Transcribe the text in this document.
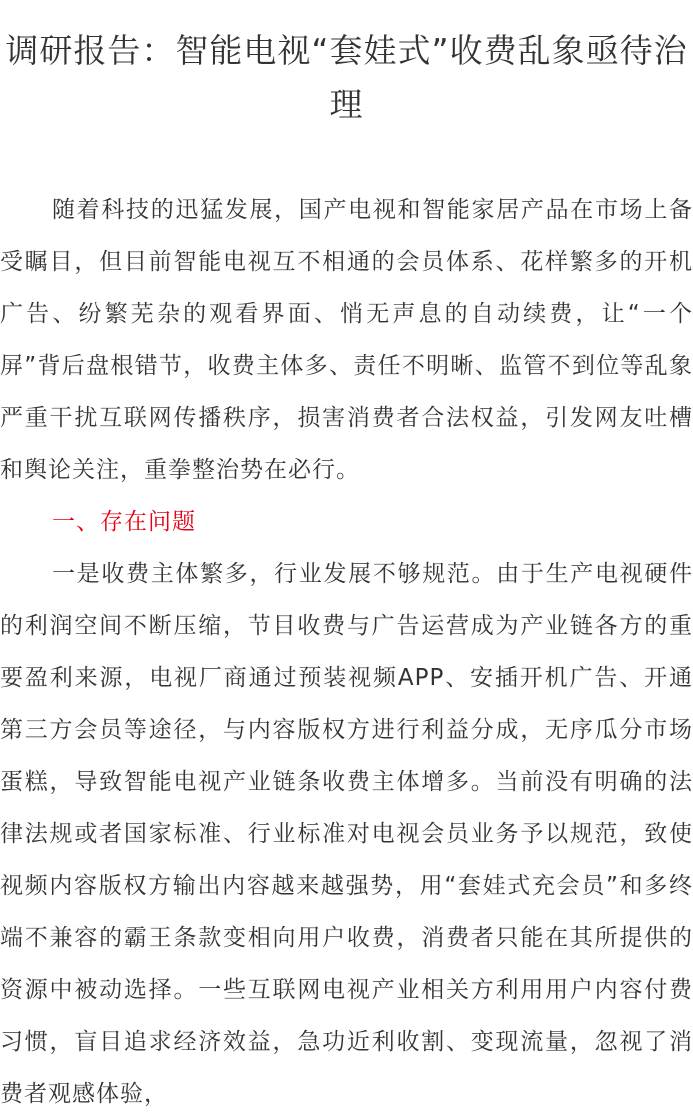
调研报告：智能电视“套娃式”收费乱象亟待治理

随着科技的迅猛发展，国产电视和智能家居产品在市场上备受瞩目，但目前智能电视互不相通的会员体系、花样繁多的开机广告、纷繁芜杂的观看界面、悄无声息的自动续费，让“一个屏”背后盘根错节，收费主体多、责任不明晰、监管不到位等乱象严重干扰互联网传播秩序，损害消费者合法权益，引发网友吐槽和舆论关注，重拳整治势在必行。

一、存在问题

一是收费主体繁多，行业发展不够规范。由于生产电视硬件的利润空间不断压缩，节目收费与广告运营成为产业链各方的重要盈利来源，电视厂商通过预装视频APP、安插开机广告、开通第三方会员等途径，与内容版权方进行利益分成，无序瓜分市场蛋糕，导致智能电视产业链条收费主体增多。当前没有明确的法律法规或者国家标准、行业标准对电视会员业务予以规范，致使视频内容版权方输出内容越来越强势，用“套娃式充会员”和多终端不兼容的霸王条款变相向用户收费，消费者只能在其所提供的资源中被动选择。一些互联网电视产业相关方利用用户内容付费习惯，盲目追求经济效益，急功近利收割、变现流量，忽视了消费者观感体验，
